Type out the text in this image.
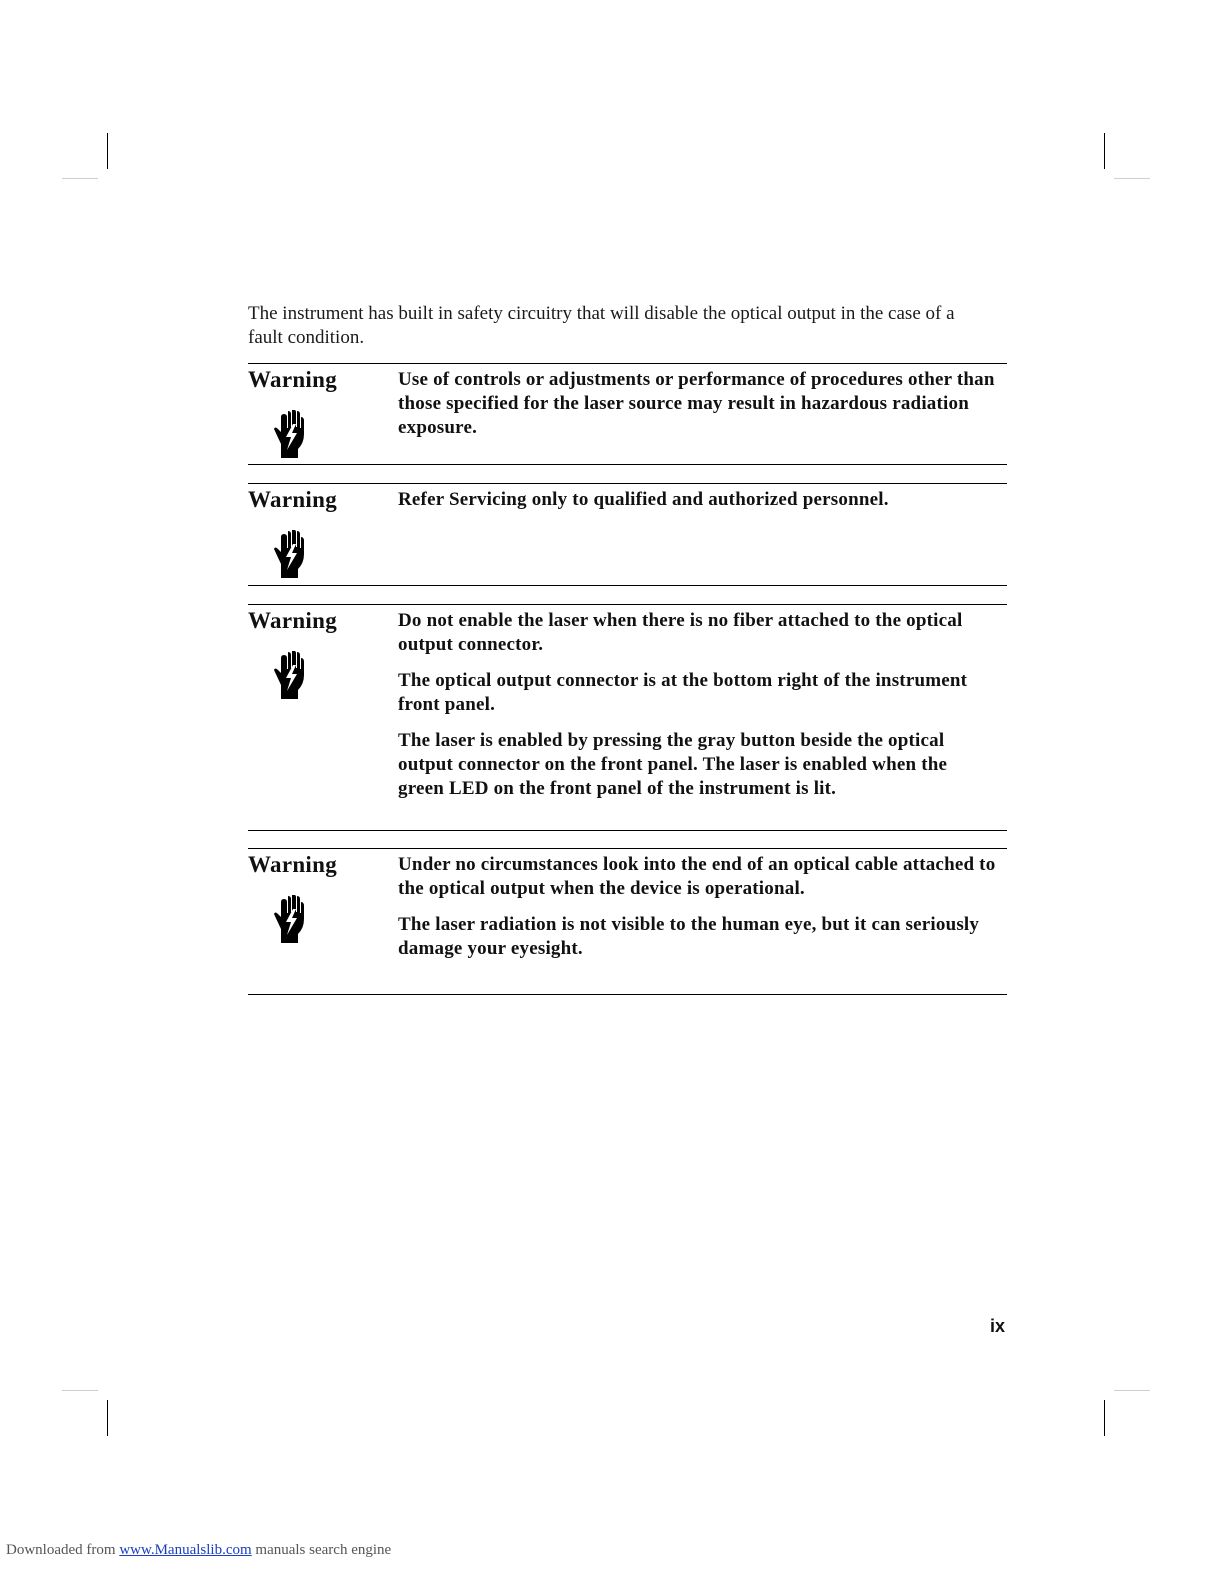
The instrument has built in safety circuitry that will disable the optical output in the case of a fault condition.
Warning	Use of controls or adjustments or performance of procedures other than those specified for the laser source may result in hazardous radiation exposure.

Warning	Refer Servicing only to qualified and authorized personnel.

Warning	Do not enable the laser when there is no fiber attached to the optical output connector.

The optical output connector is at the bottom right of the instrument front panel.

The laser is enabled by pressing the gray button beside the optical output connector on the front panel. The laser is enabled when the green LED on the front panel of the instrument is lit.

Warning	Under no circumstances look into the end of an optical cable attached to the optical output when the device is operational.

The laser radiation is not visible to the human eye, but it can seriously damage your eyesight.

ix
Downloaded from www.Manualslib.com manuals search engine
